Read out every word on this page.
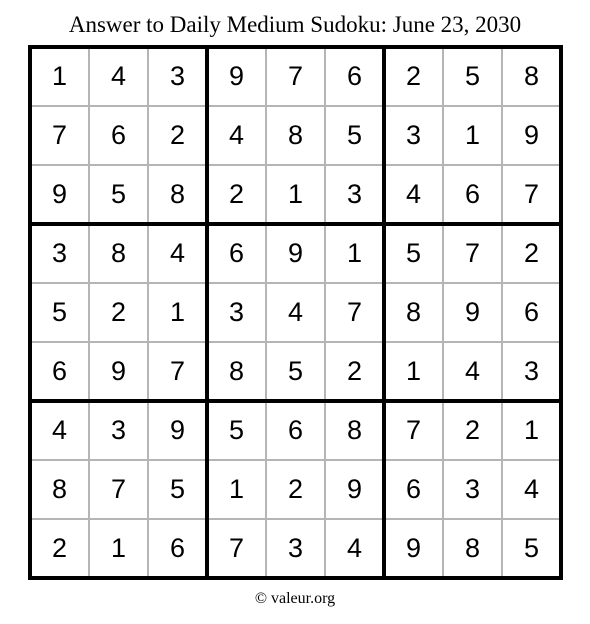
Answer to Daily Medium Sudoku: June 23, 2030
1	4	3	9	7	6	2	5	8
7	6	2	4	8	5	3	1	9
9	5	8	2	1	3	4	6	7
3	8	4	6	9	1	5	7	2
5	2	1	3	4	7	8	9	6
6	9	7	8	5	2	1	4	3
4	3	9	5	6	8	7	2	1
8	7	5	1	2	9	6	3	4
2	1	6	7	3	4	9	8	5
© valeur.org
